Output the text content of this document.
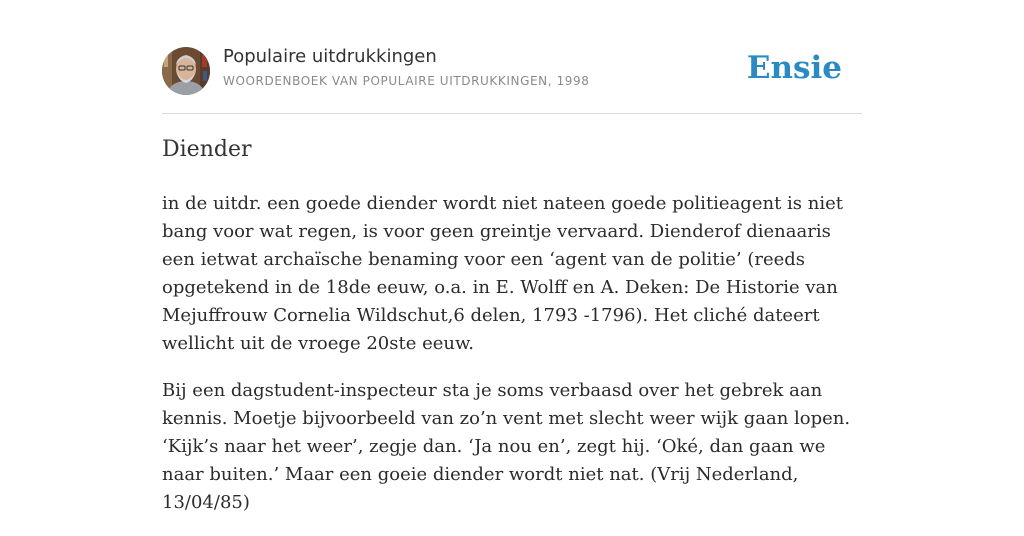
Populaire uitdrukkingen
WOORDENBOEK VAN POPULAIRE UITDRUKKINGEN, 1998	Ensie
Diender

in de uitdr. een goede diender wordt niet nateen goede politieagent is niet bang voor wat regen, is voor geen greintje vervaard. Dienderof dienaaris een ietwat archaïsche benaming voor een ‘agent van de politie’ (reeds opgetekend in de 18de eeuw, o.a. in E. Wolff en A. Deken: De Historie van Mejuffrouw Cornelia Wildschut,6 delen, 1793 -1796). Het cliché dateert wellicht uit de vroege 20ste eeuw.

Bij een dagstudent-inspecteur sta je soms verbaasd over het gebrek aan kennis. Moetje bijvoorbeeld van zo’n vent met slecht weer wijk gaan lopen. ‘Kijk’s naar het weer’, zegje dan. ‘Ja nou en’, zegt hij. ‘Oké, dan gaan we naar buiten.’ Maar een goeie diender wordt niet nat. (Vrij Nederland, 13/04/85)
